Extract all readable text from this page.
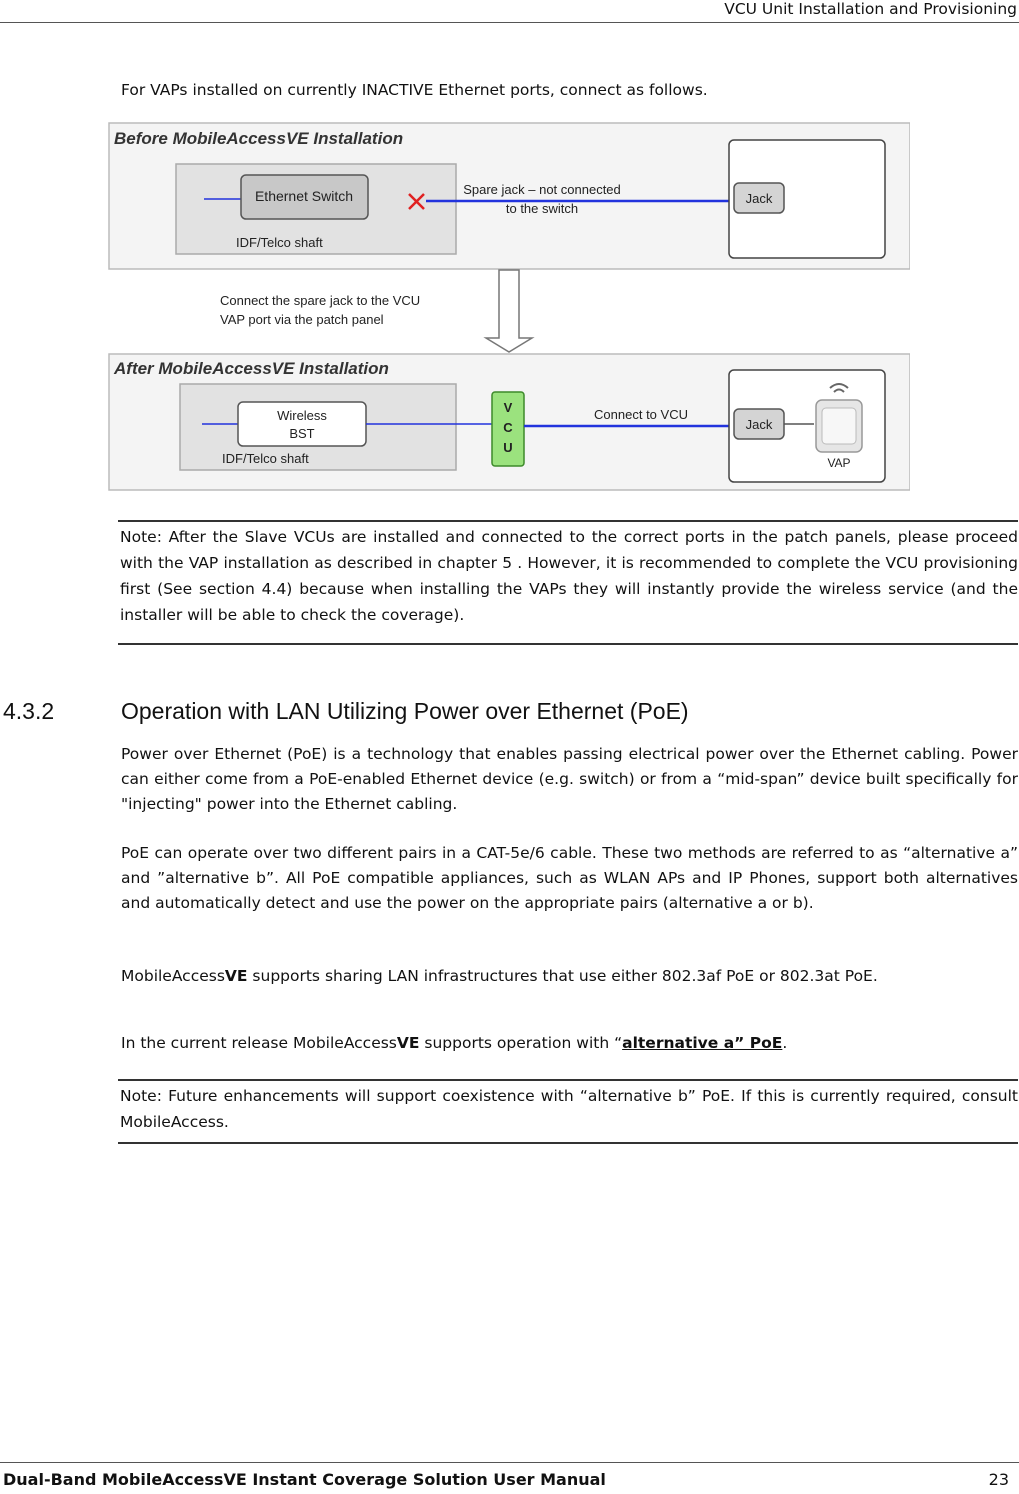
VCU Unit Installation and Provisioning
For VAPs installed on currently INACTIVE Ethernet ports, connect as follows.
Before MobileAccessVE Installation
Ethernet Switch
IDF/Telco shaft
Spare jack – not connected
to the switch
Jack
Connect the spare jack to the VCU
VAP port via the patch panel
After MobileAccessVE Installation
Wireless
BST
IDF/Telco shaft
V
C
U
Connect to VCU
Jack
VAP
Note: After the Slave VCUs are installed and connected to the correct ports in the patch panels, please proceed with the VAP installation as described in chapter 5 . However, it is recommended to complete the VCU provisioning first (See section 4.4) because when installing the VAPs they will instantly provide the wireless service (and the installer will be able to check the coverage).
4.3.2	Operation with LAN Utilizing Power over Ethernet (PoE)
Power over Ethernet (PoE) is a technology that enables passing electrical power over the Ethernet cabling. Power can either come from a PoE-enabled Ethernet device (e.g. switch) or from a “mid-span” device built specifically for "injecting" power into the Ethernet cabling.
PoE can operate over two different pairs in a CAT-5e/6 cable. These two methods are referred to as “alternative a” and ”alternative b”. All PoE compatible appliances, such as WLAN APs and IP Phones, support both alternatives and automatically detect and use the power on the appropriate pairs (alternative a or b).
MobileAccessVE supports sharing LAN infrastructures that use either 802.3af PoE or 802.3at PoE.
In the current release MobileAccessVE supports operation with “alternative a” PoE.
Note: Future enhancements will support coexistence with “alternative b” PoE. If this is currently required, consult MobileAccess.
Dual-Band MobileAccessVE Instant Coverage Solution User Manual	23
